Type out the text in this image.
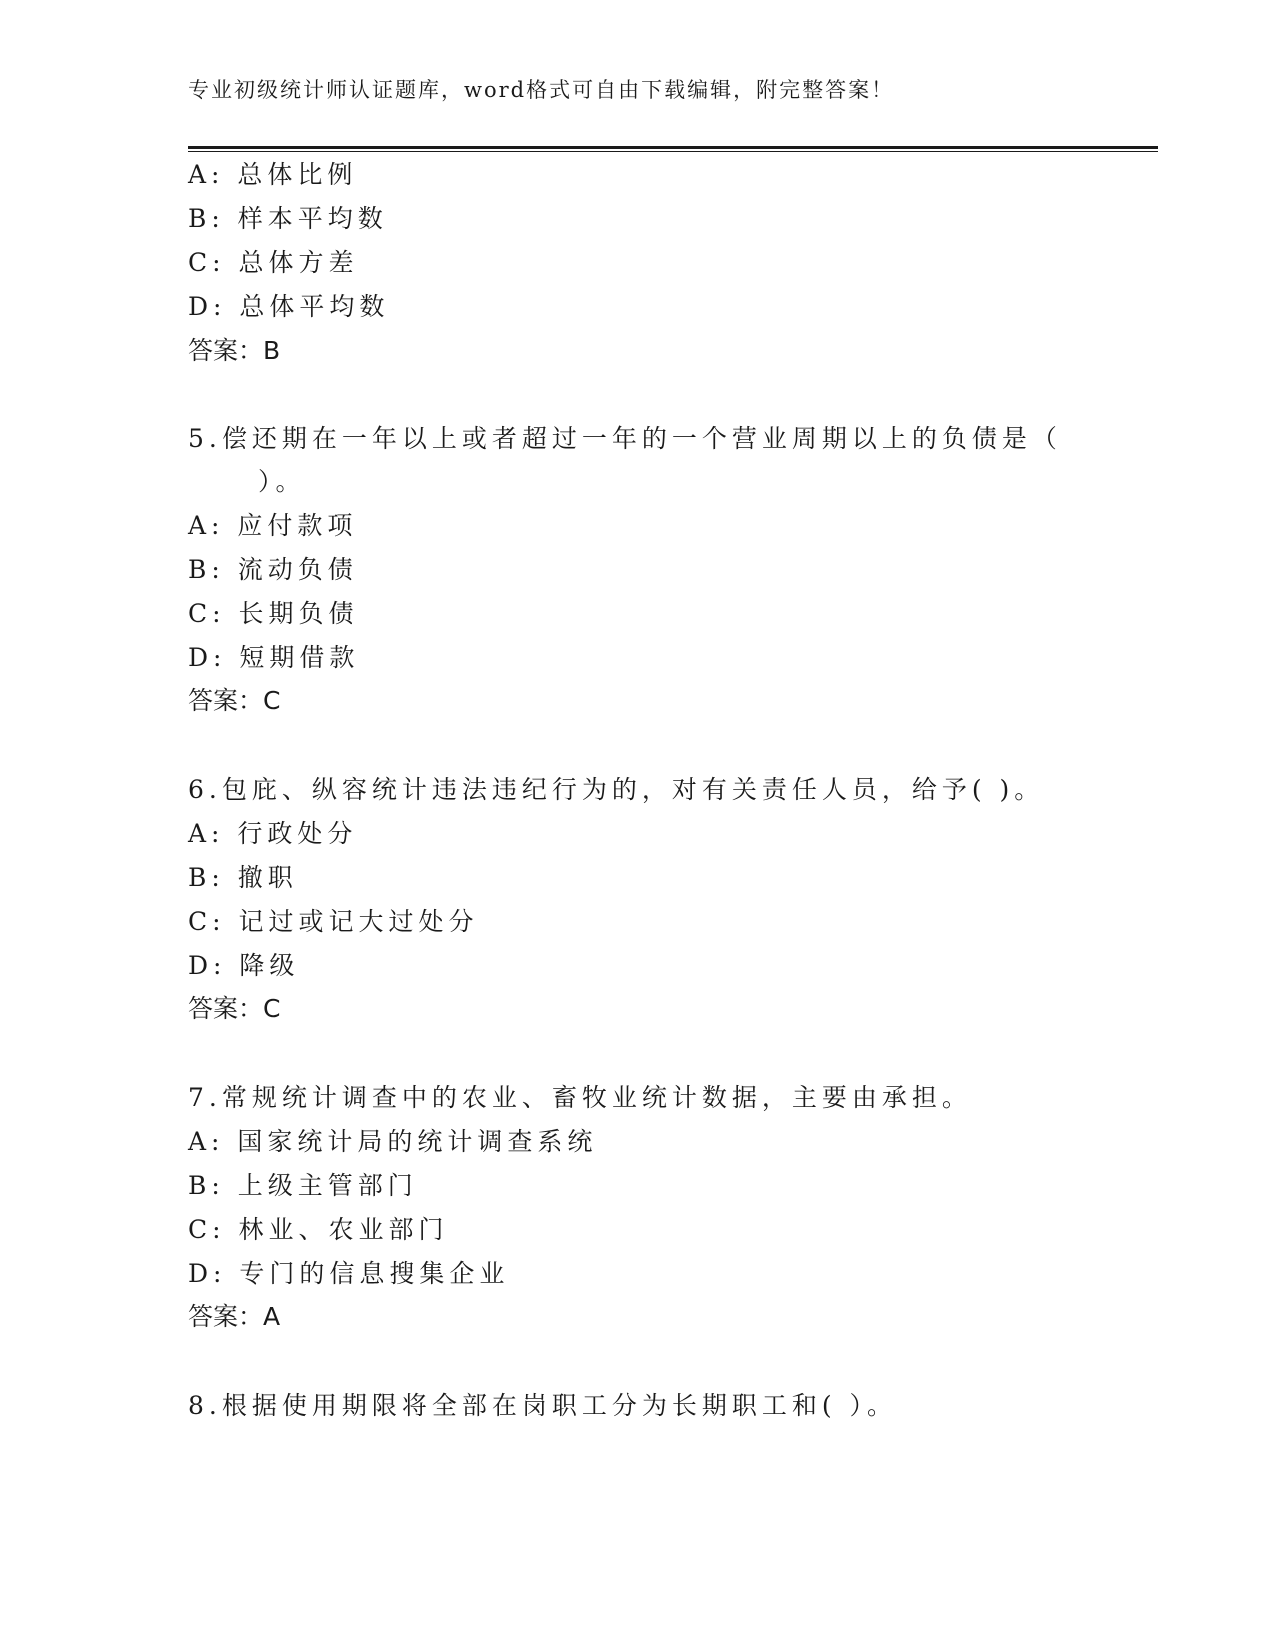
专业初级统计师认证题库，word格式可自由下载编辑，附完整答案！
A: 总体比例
B: 样本平均数
C: 总体方差
D: 总体平均数
答案：B
5.偿还期在一年以上或者超过一年的一个营业周期以上的负债是（
）。
A: 应付款项
B: 流动负债
C: 长期负债
D: 短期借款
答案：C
6.包庇、纵容统计违法违纪行为的，对有关责任人员，给予( )。
A: 行政处分
B: 撤职
C: 记过或记大过处分
D: 降级
答案：C
7.常规统计调查中的农业、畜牧业统计数据，主要由承担。
A: 国家统计局的统计调查系统
B: 上级主管部门
C: 林业、农业部门
D: 专门的信息搜集企业
答案：A
8.根据使用期限将全部在岗职工分为长期职工和( ）。
